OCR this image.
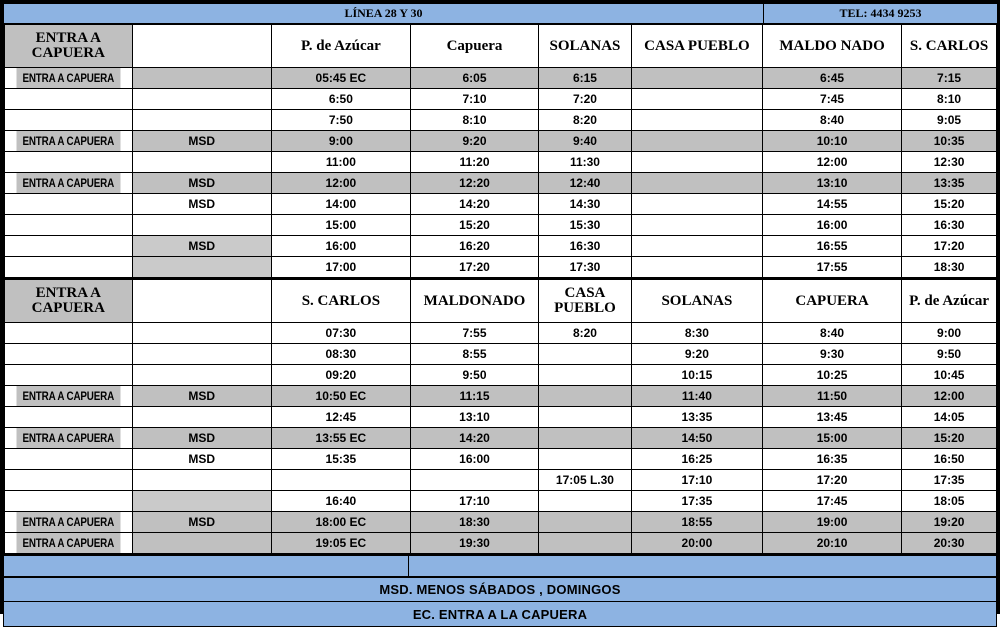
LÍNEA 28 Y 30	TEL: 4434 9253
ENTRA A CAPUERA		P. de Azúcar	Capuera	SOLANAS	CASA PUEBLO	MALDO NADO	S. CARLOS
ENTRA A CAPUERA		05:45 EC	6:05	6:15		6:45	7:15
		6:50	7:10	7:20		7:45	8:10
		7:50	8:10	8:20		8:40	9:05
ENTRA A CAPUERA	MSD	9:00	9:20	9:40		10:10	10:35
		11:00	11:20	11:30		12:00	12:30
ENTRA A CAPUERA	MSD	12:00	12:20	12:40		13:10	13:35
	MSD	14:00	14:20	14:30		14:55	15:20
		15:00	15:20	15:30		16:00	16:30
	MSD	16:00	16:20	16:30		16:55	17:20
		17:00	17:20	17:30		17:55	18:30
ENTRA A CAPUERA		S. CARLOS	MALDONADO	CASA PUEBLO	SOLANAS	CAPUERA	P. de Azúcar
		07:30	7:55	8:20	8:30	8:40	9:00
		08:30	8:55		9:20	9:30	9:50
		09:20	9:50		10:15	10:25	10:45
ENTRA A CAPUERA	MSD	10:50 EC	11:15		11:40	11:50	12:00
		12:45	13:10		13:35	13:45	14:05
ENTRA A CAPUERA	MSD	13:55 EC	14:20		14:50	15:00	15:20
	MSD	15:35	16:00		16:25	16:35	16:50
				17:05 L.30	17:10	17:20	17:35
		16:40	17:10		17:35	17:45	18:05
ENTRA A CAPUERA	MSD	18:00 EC	18:30		18:55	19:00	19:20
ENTRA A CAPUERA		19:05 EC	19:30		20:00	20:10	20:30
MSD. MENOS SÁBADOS , DOMINGOS
EC. ENTRA A LA CAPUERA
